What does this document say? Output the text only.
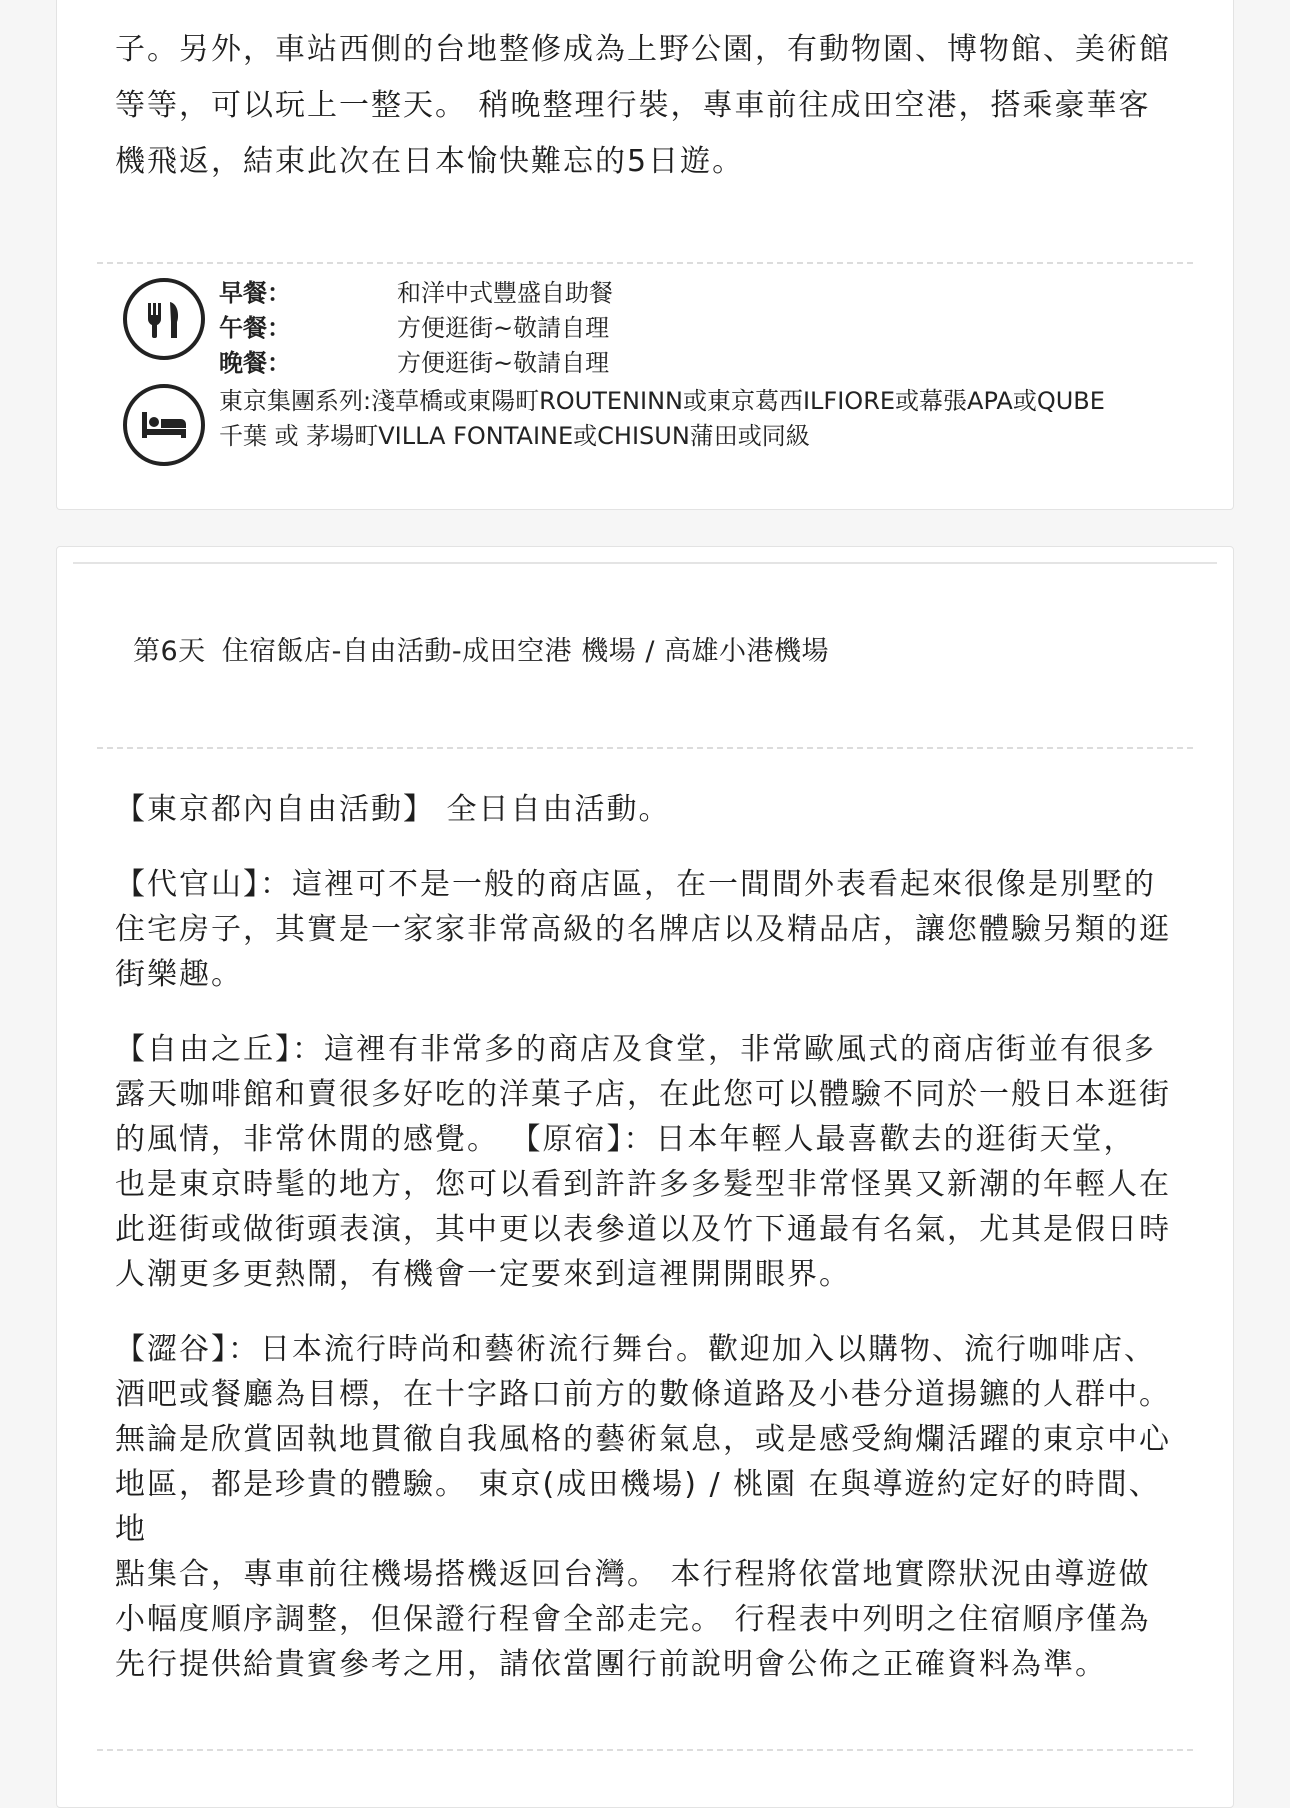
子。另外，車站西側的台地整修成為上野公園，有動物園、博物館、美術館

等等，可以玩上一整天。 稍晚整理行裝，專車前往成田空港，搭乘豪華客

機飛返，結束此次在日本愉快難忘的5日遊。

早餐：	和洋中式豐盛自助餐
午餐：	方便逛街~敬請自理
晚餐：	方便逛街~敬請自理
東京集團系列:淺草橋或東陽町ROUTENINN或東京葛西ILFIORE或幕張APA或QUBE
千葉 或 茅場町VILLA FONTAINE或CHISUN蒲田或同級
第6天 住宿飯店-自由活動-成田空港 機場 / 高雄小港機場

【東京都內自由活動】 全日自由活動。

【代官山】：這裡可不是一般的商店區，在一間間外表看起來很像是別墅的

住宅房子，其實是一家家非常高級的名牌店以及精品店，讓您體驗另類的逛

街樂趣。

【自由之丘】：這裡有非常多的商店及食堂，非常歐風式的商店街並有很多

露天咖啡館和賣很多好吃的洋菓子店，在此您可以體驗不同於一般日本逛街

的風情，非常休閒的感覺。 【原宿】：日本年輕人最喜歡去的逛街天堂，

也是東京時髦的地方，您可以看到許許多多髮型非常怪異又新潮的年輕人在

此逛街或做街頭表演，其中更以表參道以及竹下通最有名氣，尤其是假日時

人潮更多更熱鬧，有機會一定要來到這裡開開眼界。

【澀谷】：日本流行時尚和藝術流行舞台。歡迎加入以購物、流行咖啡店、

酒吧或餐廳為目標，在十字路口前方的數條道路及小巷分道揚鑣的人群中。

無論是欣賞固執地貫徹自我風格的藝術氣息，或是感受絢爛活躍的東京中心

地區，都是珍貴的體驗。 東京(成田機場) / 桃園 在與導遊約定好的時間、地

點集合，專車前往機場搭機返回台灣。 本行程將依當地實際狀況由導遊做

小幅度順序調整，但保證行程會全部走完。 行程表中列明之住宿順序僅為

先行提供給貴賓參考之用，請依當團行前說明會公佈之正確資料為準。
